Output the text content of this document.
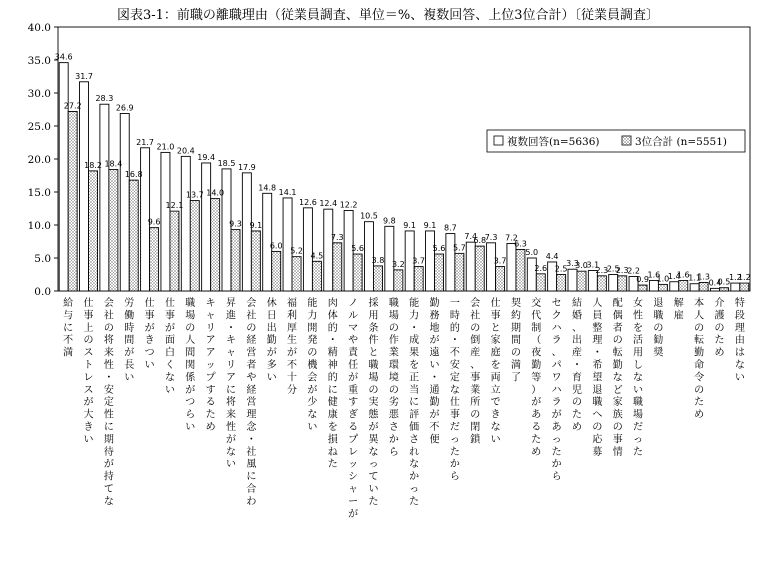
図表3-1：前職の離職理由（従業員調査、単位＝%、複数回答、上位3位合計）〔従業員調査〕
0.0
5.0
10.0
15.0
20.0
25.0
30.0
35.0
40.0
34.6
27.2
31.7
18.2
28.3
18.4
26.9
16.8
21.7
9.6
21.0
12.1
20.4
13.7
19.4
14.0
18.5
9.3
17.9
9.1
14.8
6.0
14.1
5.2
12.6
4.5
12.4
7.3
12.2
5.6
10.5
3.8
9.8
3.2
9.1
3.7
9.1
5.6
8.7
5.7
7.4
6.8
7.3
3.7
7.2
6.3
5.0
2.6
4.4
2.5
3.3
3.0
3.1
2.3
2.5
2.3
2.2
0.9
1.6
1.0
1.4
1.6
1.1
1.3
0.4
0.5
1.2
1.2
給与に不満
仕事上のストレスが大きい
会社の将来性・安定性に期待が持てな
労働時間が長い
仕事がきつい
仕事が面白くない
職場の人間関係がつらい
キャリアアップするため
昇進・キャリアに将来性がない
会社の経営者や経営理念・社風に合わ
休日出勤が多い
福利厚生が不十分
能力開発の機会が少ない
肉体的・精神的に健康を損ねた
ノルマや責任が重すぎるプレッシャーが
採用条件と職場の実態が異なっていた
職場の作業環境の劣悪さから
能力・成果を正当に評価されなかった
勤務地が遠い・通勤が不便
一時的・不安定な仕事だったから
会社の倒産、事業所の閉鎖
仕事と家庭を両立できない
契約期間の満了
交代制（夜勤等）があるため
セクハラ、パワハラがあったから
結婚、出産・育児のため
人員整理・希望退職への応募
配偶者の転勤など家族の事情
女性を活用しない職場だった
退職の勧奨
解雇
本人の転勤命令のため
介護のため
特段理由はない
複数回答(n=5636)	3位合計 (n=5551)
